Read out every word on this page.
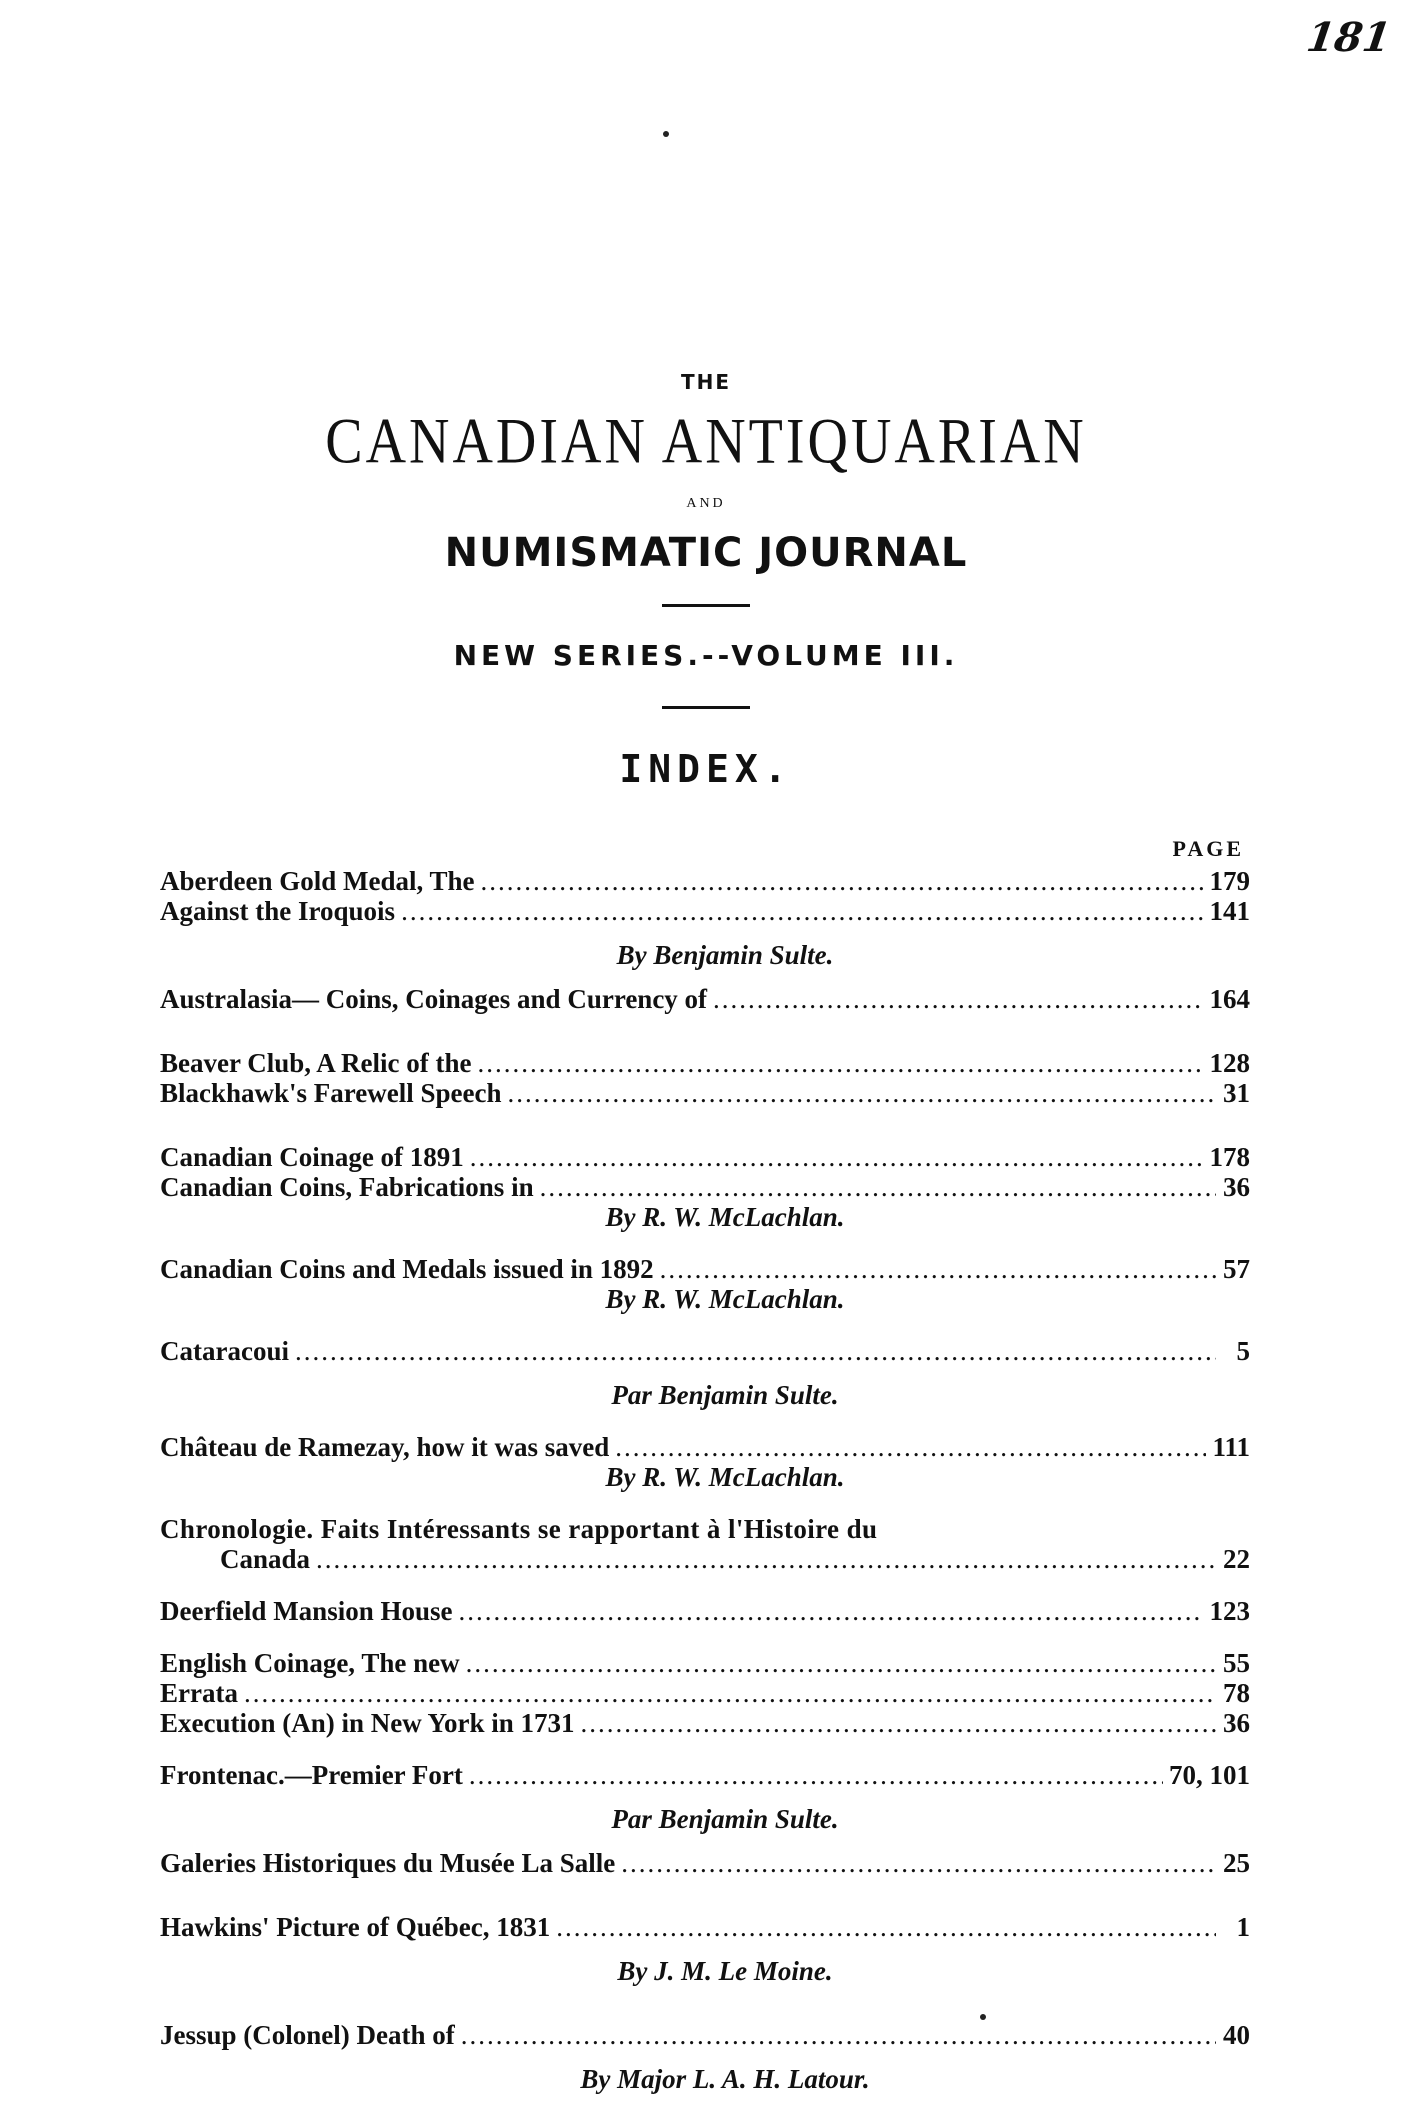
181
THE
CANADIAN ANTIQUARIAN
AND
NUMISMATIC JOURNAL
NEW SERIES.--VOLUME III.
INDEX.
PAGE
Aberdeen Gold Medal, The .....	179
Against the Iroquois .....	141
By Benjamin Sulte.
Australasia— Coins, Coinages and Currency of .....	164
Beaver Club, A Relic of the .....	128
Blackhawk's Farewell Speech .....	31
Canadian Coinage of 1891 .....	178
Canadian Coins, Fabrications in .....	36
By R. W. McLachlan.
Canadian Coins and Medals issued in 1892 .....	57
By R. W. McLachlan.
Cataracoui .....	5
Par Benjamin Sulte.
Château de Ramezay, how it was saved .....	111
By R. W. McLachlan.
Chronologie. Faits Intéressants se rapportant à l'Histoire du
Canada .....	22
Deerfield Mansion House .....	123
English Coinage, The new .....	55
Errata .....	78
Execution (An) in New York in 1731 .....	36
Frontenac.—Premier Fort .....	70, 101
Par Benjamin Sulte.
Galeries Historiques du Musée La Salle .....	25
Hawkins' Picture of Québec, 1831 .....	1
By J. M. Le Moine.
Jessup (Colonel) Death of .....	40
By Major L. A. H. Latour.
